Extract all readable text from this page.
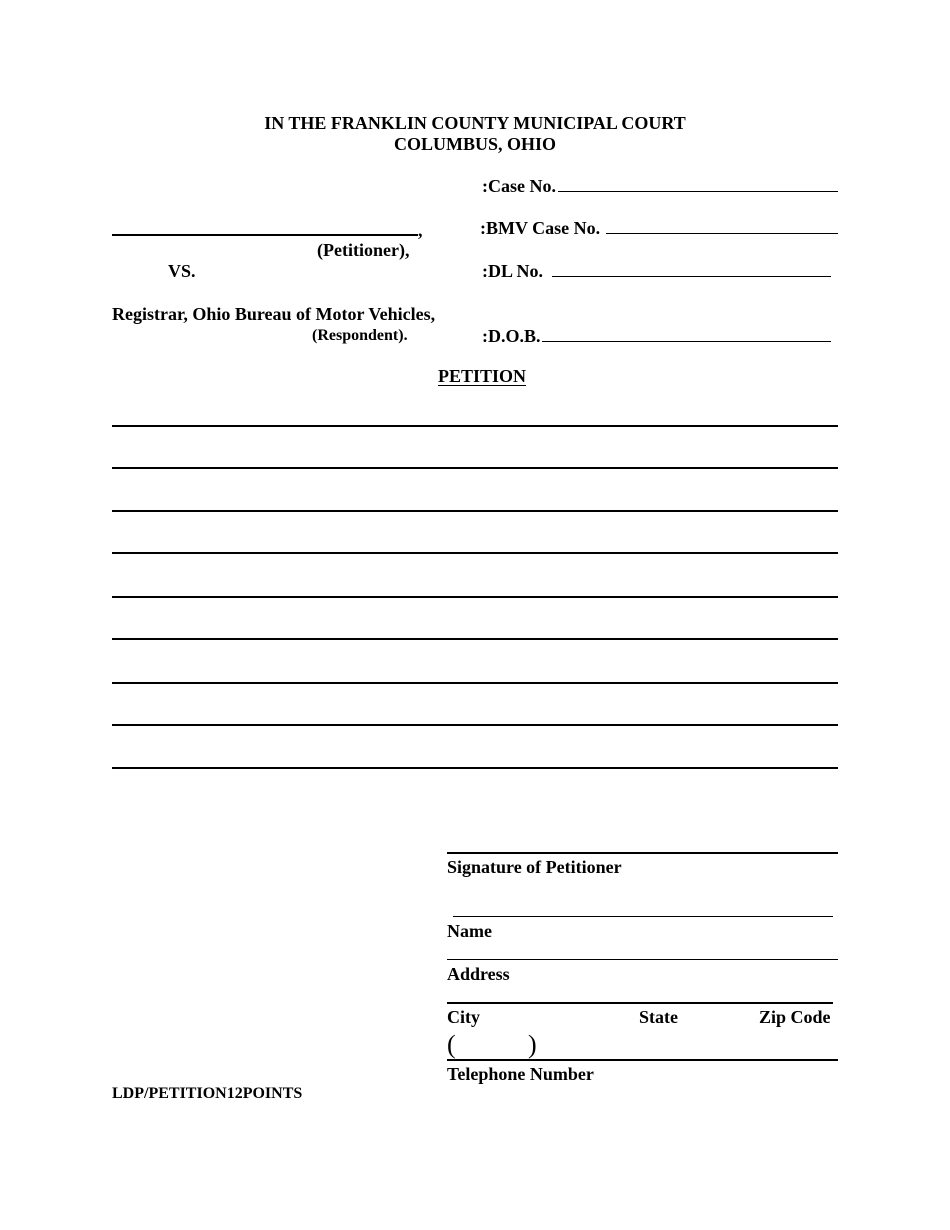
IN THE FRANKLIN COUNTY MUNICIPAL COURT
COLUMBUS, OHIO
:Case No.
:BMV Case No.
:DL No.
:D.O.B.
,
(Petitioner),
VS.
Registrar, Ohio Bureau of Motor Vehicles,
(Respondent).
PETITION
Signature of Petitioner
Name
Address
City	State	Zip Code
(	)
Telephone Number
LDP/PETITION12POINTS
